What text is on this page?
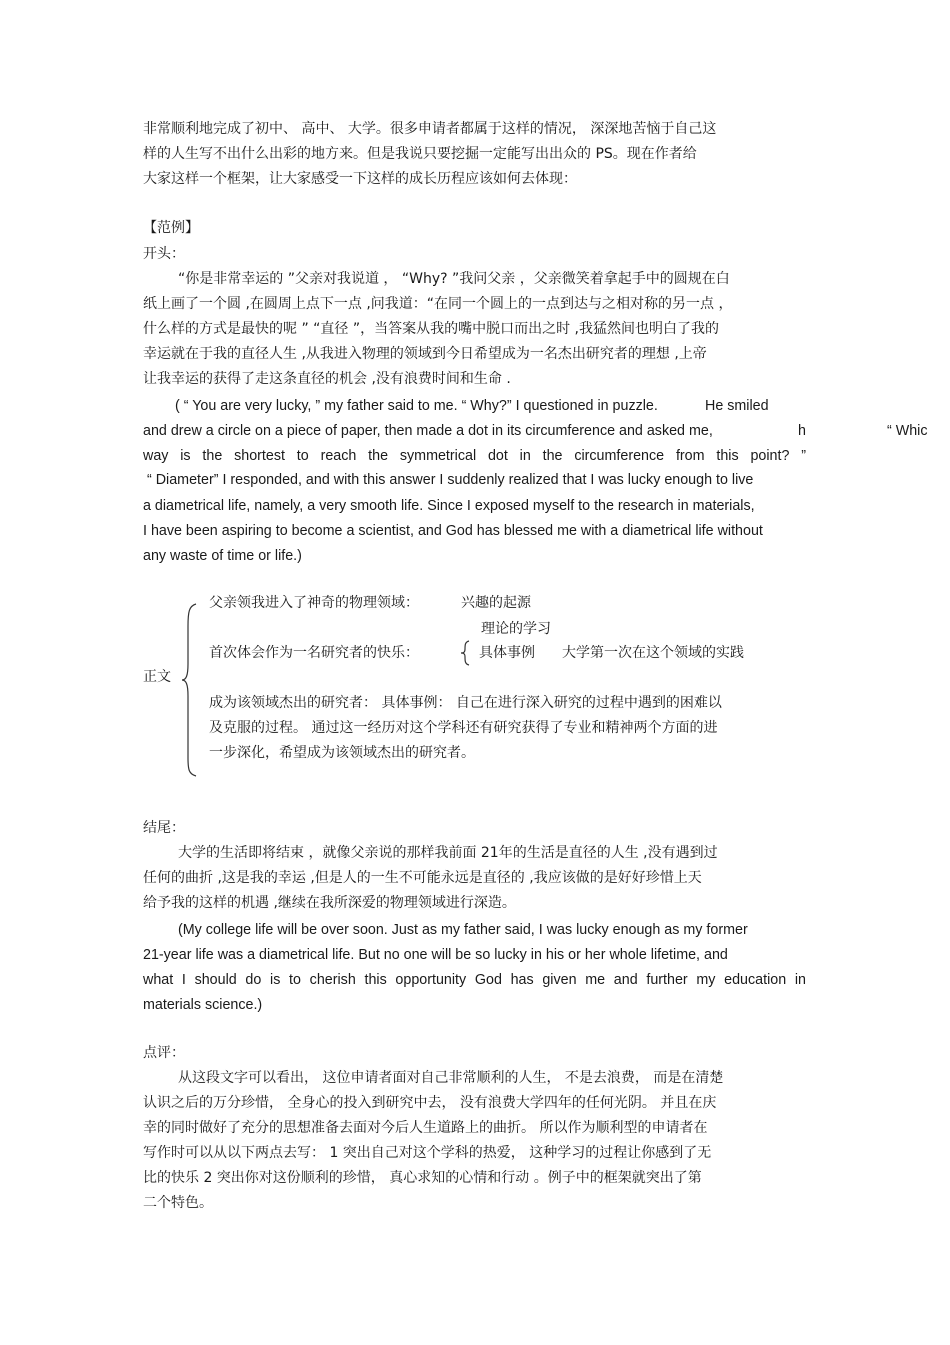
非常顺利地完成了初中、 高中、 大学。很多申请者都属于这样的情况， 深深地苦恼于自己这
样的人生写不出什么出彩的地方来。但是我说只要挖掘一定能写出出众的 PS。现在作者给
大家这样一个框架，让大家感受一下这样的成长历程应该如何去体现：
【范例】
开头：
“你是非常幸运的 ”父亲对我说道 ， “Why? ”我问父亲 ，父亲微笑着拿起手中的圆规在白
纸上画了一个圆 ,在圆周上点下一点 ,问我道：“在同一个圆上的一点到达与之相对称的另一点 ，
什么样的方式是最快的呢 ” “直径 ”，当答案从我的嘴中脱口而出之时 ,我猛然间也明白了我的
幸运就在于我的直径人生 ,从我进入物理的领域到今日希望成为一名杰出研究者的理想 ,上帝
让我幸运的获得了走这条直径的机会 ,没有浪费时间和生命 .
( “ You are very lucky, ” my father said to me. “ Why?” I questioned in puzzle.	He smiled
and drew a circle on a piece of paper, then made a dot in its circumference and asked me,	h	“ Whic
way is the shortest to reach the symmetrical dot in the circumference from this point? ”
“ Diameter” I responded, and with this answer I suddenly realized that I was lucky enough to live
a diametrical life, namely, a very smooth life. Since I exposed myself to the research in materials,
I have been aspiring to become a scientist, and God has blessed me with a diametrical life without
any waste of time or life.)
正文
父亲领我进入了神奇的物理领域：	兴趣的起源
理论的学习
首次体会作为一名研究者的快乐：	具体事例 大学第一次在这个领域的实践
成为该领域杰出的研究者： 具体事例： 自己在进行深入研究的过程中遇到的困难以
及克服的过程。 通过这一经历对这个学科还有研究获得了专业和精神两个方面的进
一步深化，希望成为该领域杰出的研究者。
结尾：
大学的生活即将结束 ，就像父亲说的那样我前面 21年的生活是直径的人生 ,没有遇到过
任何的曲折 ,这是我的幸运 ,但是人的一生不可能永远是直径的 ,我应该做的是好好珍惜上天
给予我的这样的机遇 ,继续在我所深爱的物理领域进行深造。
(My college life will be over soon. Just as my father said, I was lucky enough as my former
21-year life was a diametrical life. But no one will be so lucky in his or her whole lifetime, and
what I should do is to cherish this opportunity God has given me and further my education in
materials science.)
点评：
从这段文字可以看出， 这位申请者面对自己非常顺利的人生， 不是去浪费， 而是在清楚
认识之后的万分珍惜， 全身心的投入到研究中去， 没有浪费大学四年的任何光阴。 并且在庆
幸的同时做好了充分的思想准备去面对今后人生道路上的曲折。 所以作为顺利型的申请者在
写作时可以从以下两点去写： 1 突出自己对这个学科的热爱， 这种学习的过程让你感到了无
比的快乐 2 突出你对这份顺利的珍惜， 真心求知的心情和行动 。例子中的框架就突出了第
二个特色。
